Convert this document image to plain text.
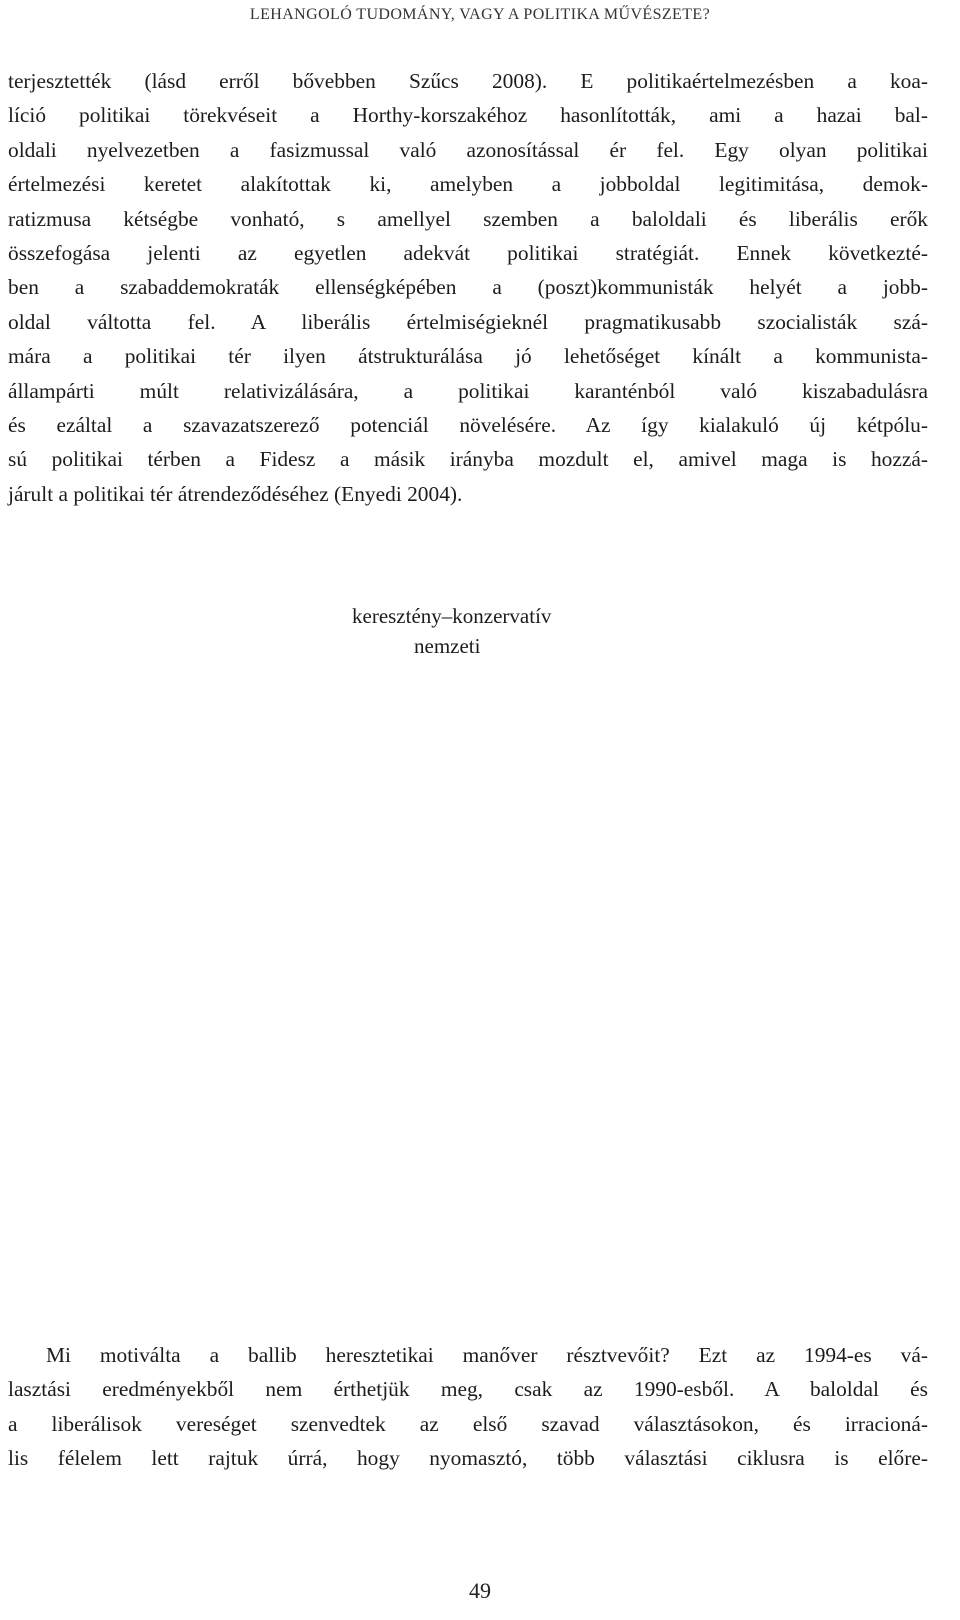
LEHANGOLÓ TUDOMÁNY, VAGY A POLITIKA MŰVÉSZETE?
terjesztették (lásd erről bővebben Szűcs 2008). E politikaértelmezésben a koa-
líció politikai törekvéseit a Horthy-korszakéhoz hasonlították, ami a hazai bal-
oldali nyelvezetben a fasizmussal való azonosítással ér fel. Egy olyan politikai
értelmezési keretet alakítottak ki, amelyben a jobboldal legitimitása, demok-
ratizmusa kétségbe vonható, s amellyel szemben a baloldali és liberális erők
összefogása jelenti az egyetlen adekvát politikai stratégiát. Ennek következté-
ben a szabaddemokraták ellenségképében a (poszt)kommunisták helyét a jobb-
oldal váltotta fel. A liberális értelmiségieknél pragmatikusabb szocialisták szá-
mára a politikai tér ilyen átstrukturálása jó lehetőséget kínált a kommunista-
állampárti múlt relativizálására, a politikai karanténból való kiszabadulásra
és ezáltal a szavazatszerező potenciál növelésére. Az így kialakuló új kétpólu-
sú politikai térben a Fidesz a másik irányba mozdult el, amivel maga is hozzá-
járult a politikai tér átrendeződéséhez (Enyedi 2004).
keresztény–konzervatív
nemzeti
Mi motiválta a ballib heresztetikai manőver résztvevőit? Ezt az 1994-es vá-
lasztási eredményekből nem érthetjük meg, csak az 1990-esből. A baloldal és
a liberálisok vereséget szenvedtek az első szavad választásokon, és irracioná-
lis félelem lett rajtuk úrrá, hogy nyomasztó, több választási ciklusra is előre-
49
